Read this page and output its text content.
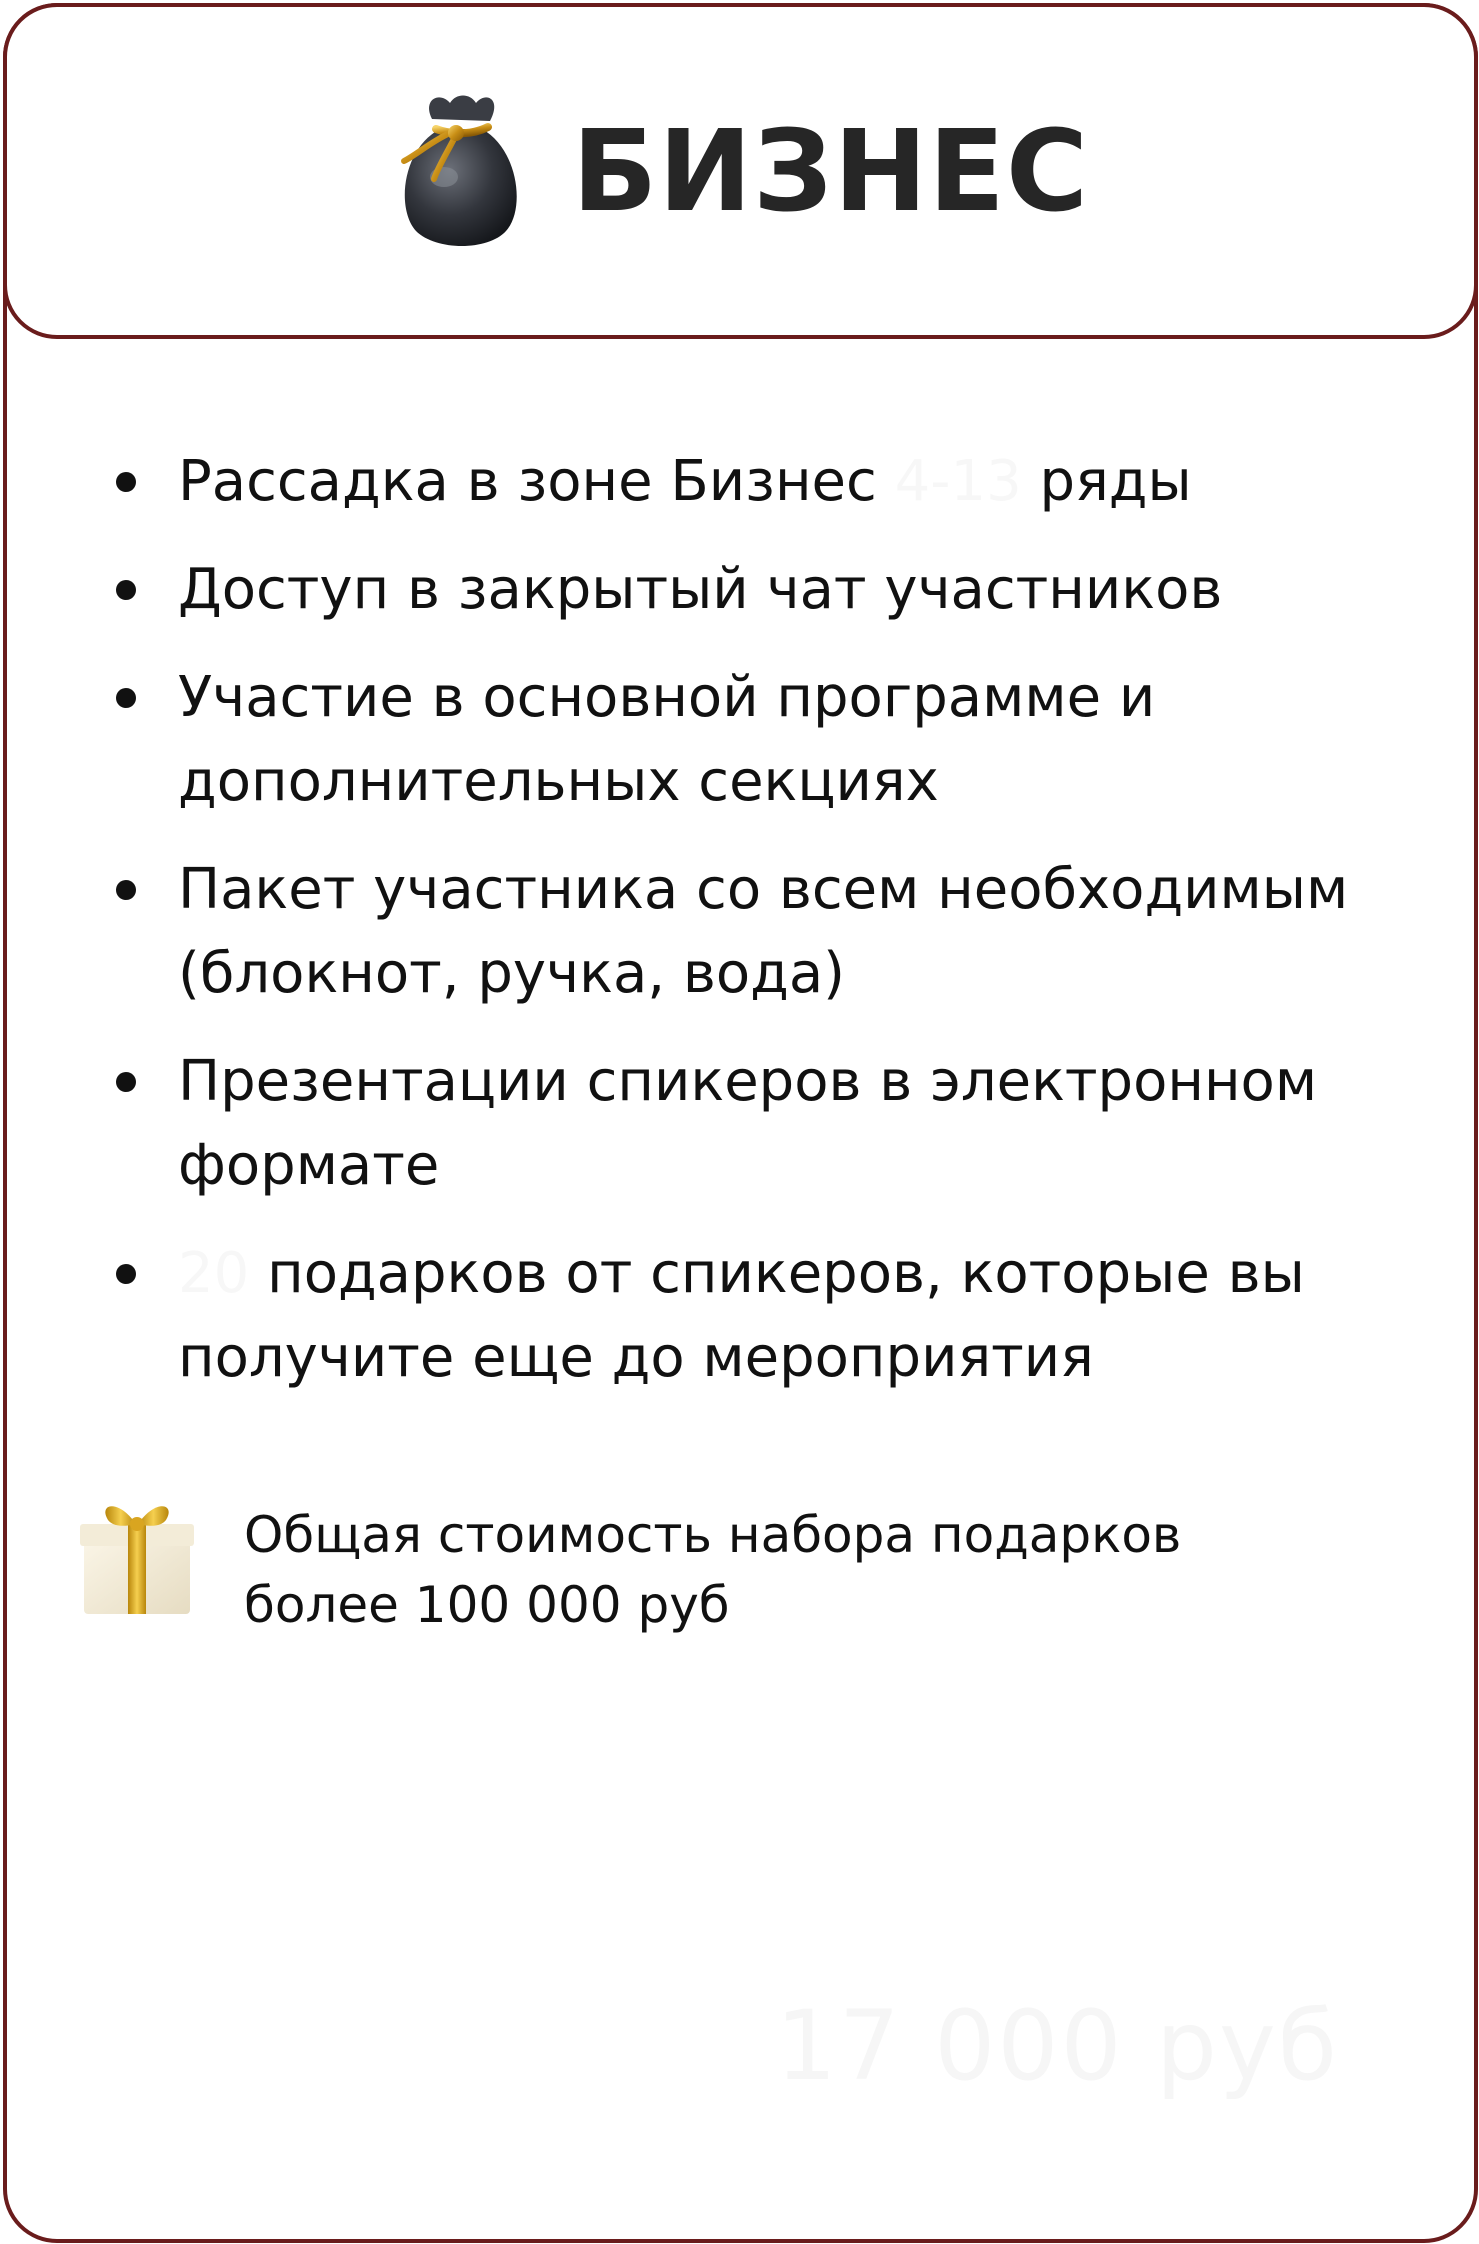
БИЗНЕС
Рассадка в зоне Бизнес 4-13 ряды
Доступ в закрытый чат участников
Участие в основной программе и дополнительных секциях
Пакет участника со всем необходимым (блокнот, ручка, вода)
Презентации спикеров в электронном формате
20 подарков от спикеров, которые вы получите еще до мероприятия
Общая стоимость набора подарков
более 100 000 руб
17 000 руб
